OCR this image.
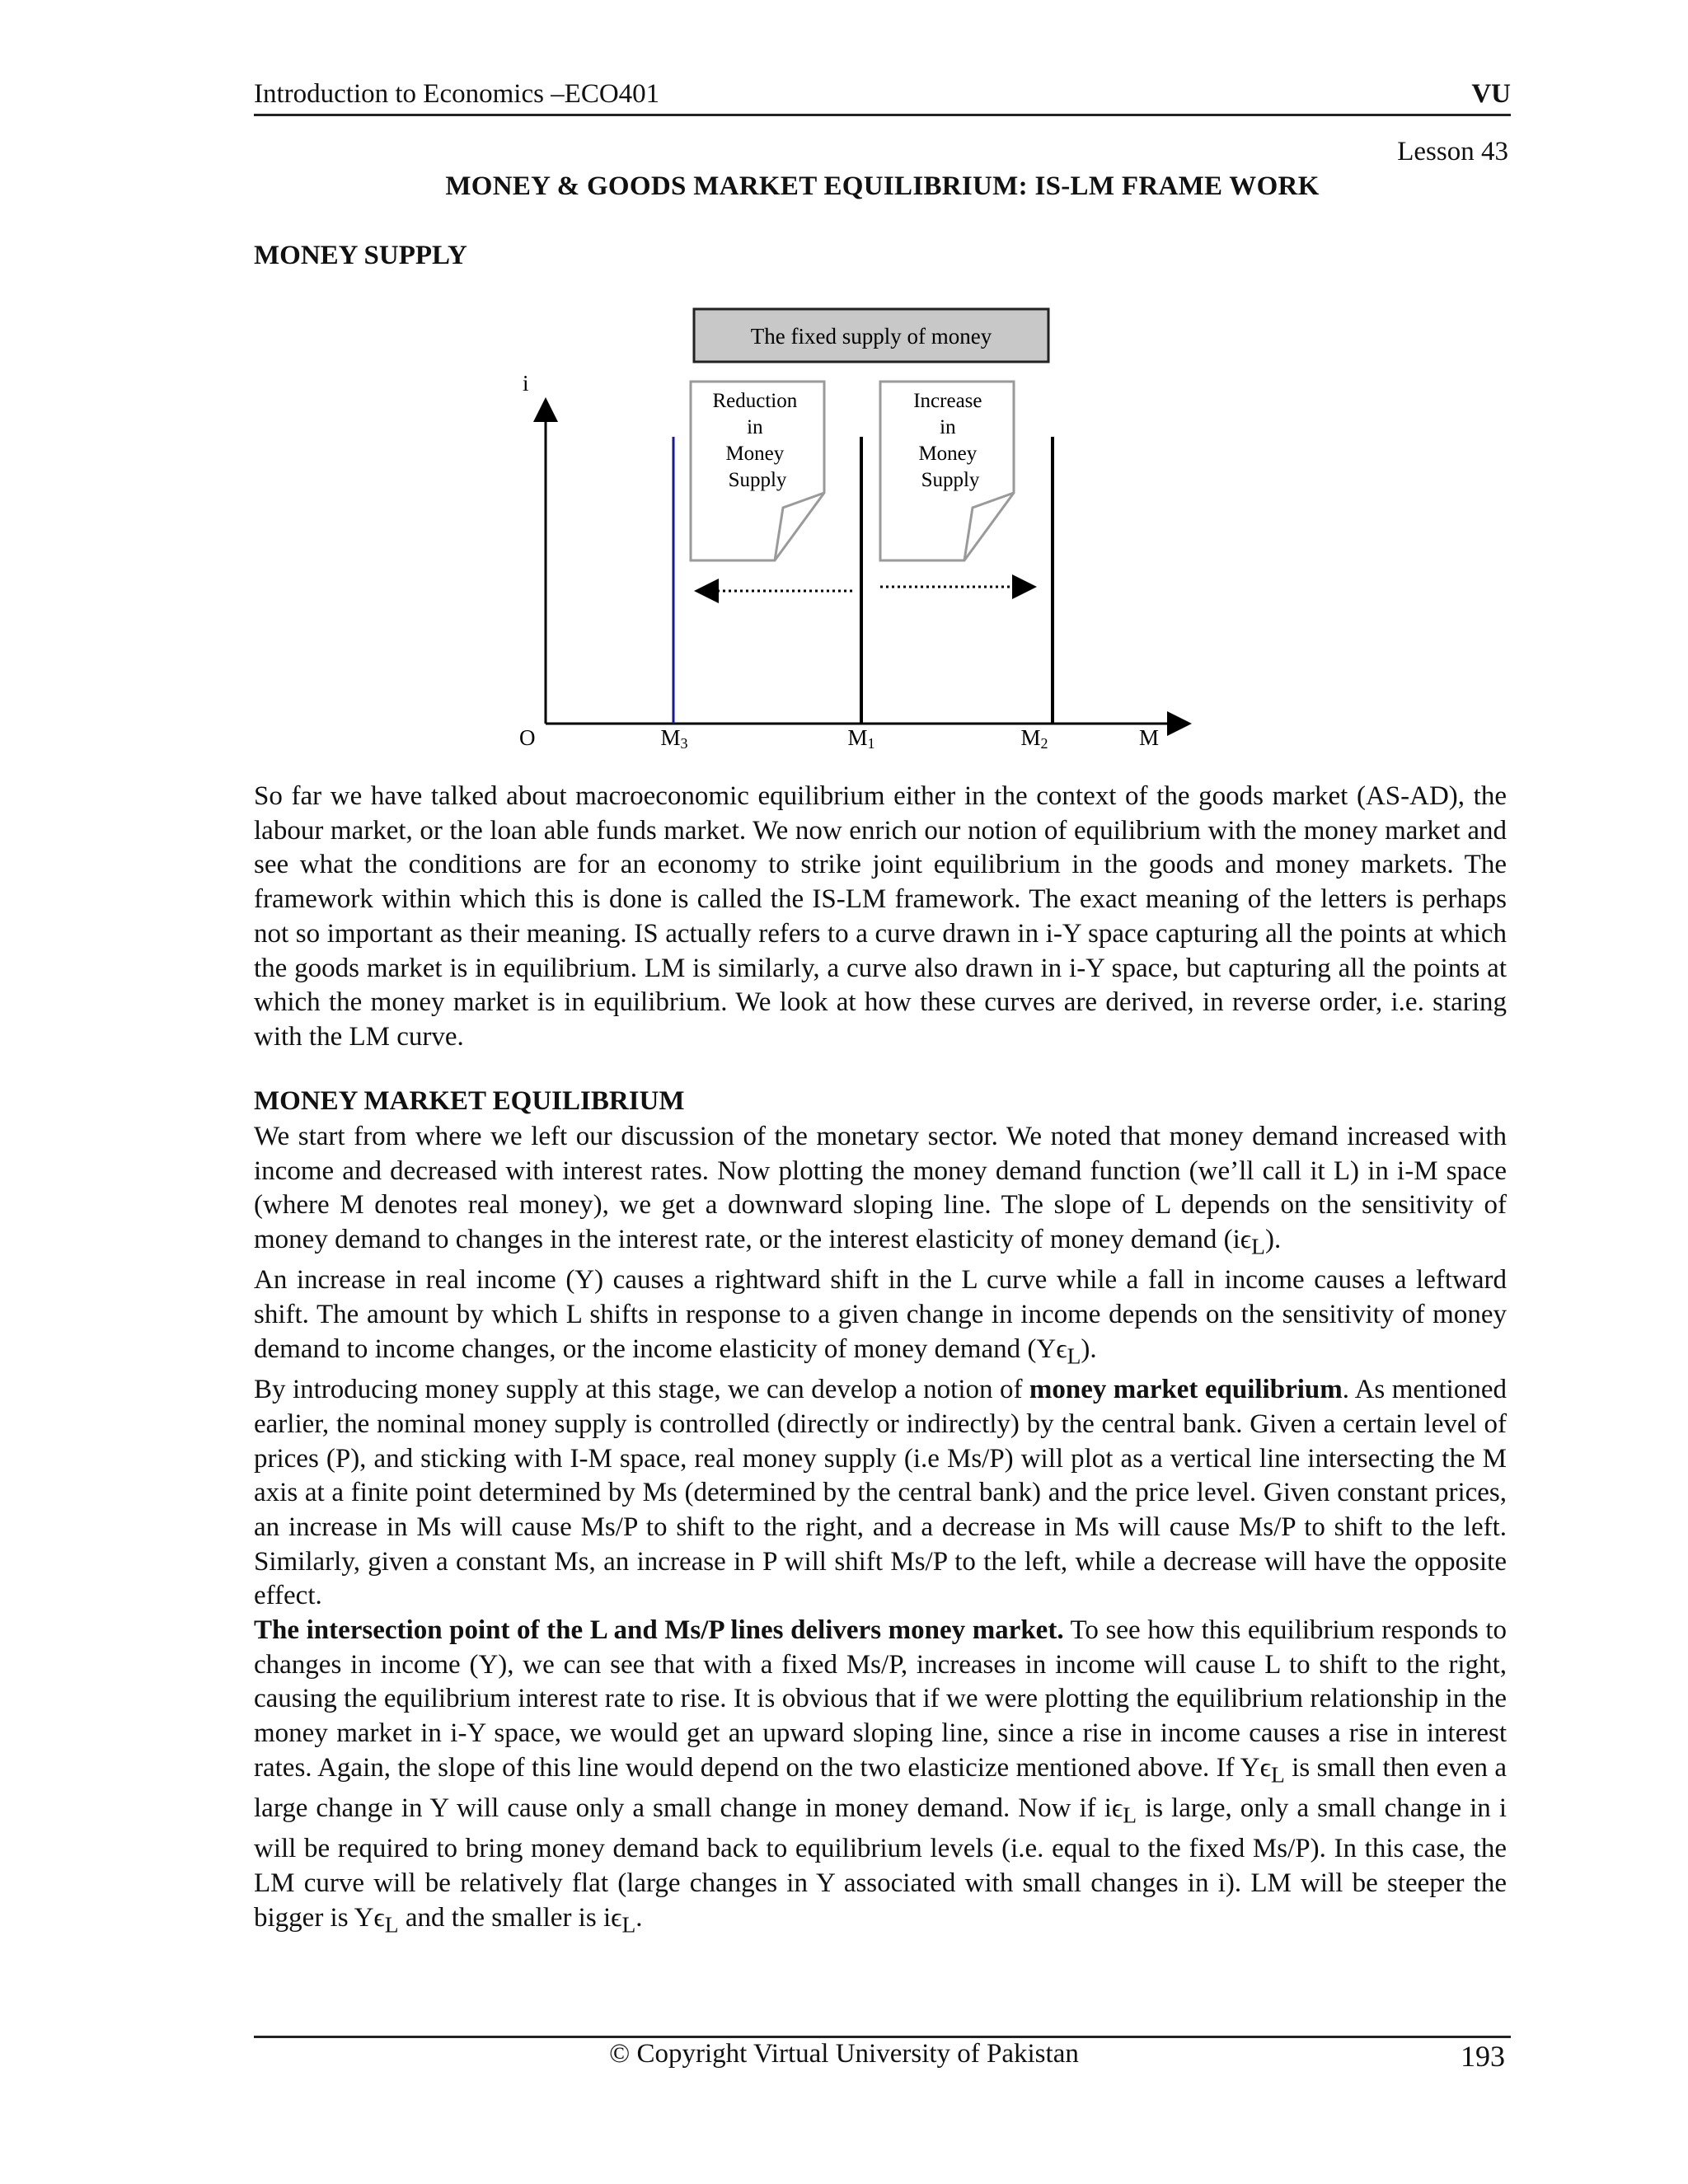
Introduction to Economics –ECO401	VU
Lesson 43
MONEY & GOODS MARKET EQUILIBRIUM: IS-LM FRAME WORK
MONEY SUPPLY
The fixed supply of money
i
O	M
M3	M1	M2
Reduction in Money Supply
Increase in Money Supply
So far we have talked about macroeconomic equilibrium either in the context of the goods market (AS-AD), the labour market, or the loan able funds market. We now enrich our notion of equilibrium with the money market and see what the conditions are for an economy to strike joint equilibrium in the goods and money markets. The framework within which this is done is called the IS-LM framework. The exact meaning of the letters is perhaps not so important as their meaning. IS actually refers to a curve drawn in i-Y space capturing all the points at which the goods market is in equilibrium. LM is similarly, a curve also drawn in i-Y space, but capturing all the points at which the money market is in equilibrium. We look at how these curves are derived, in reverse order, i.e. staring with the LM curve.
MONEY MARKET EQUILIBRIUM

We start from where we left our discussion of the monetary sector. We noted that money demand increased with income and decreased with interest rates. Now plotting the money demand function (we’ll call it L) in i-M space (where M denotes real money), we get a downward sloping line. The slope of L depends on the sensitivity of money demand to changes in the interest rate, or the interest elasticity of money demand $(i\epsilon_L)$.

An increase in real income (Y) causes a rightward shift in the L curve while a fall in income causes a leftward shift. The amount by which L shifts in response to a given change in income depends on the sensitivity of money demand to income changes, or the income elasticity of money demand $(Y\epsilon_L)$.

By introducing money supply at this stage, we can develop a notion of money market equilibrium. As mentioned earlier, the nominal money supply is controlled (directly or indirectly) by the central bank. Given a certain level of prices (P), and sticking with I-M space, real money supply (i.e Ms/P) will plot as a vertical line intersecting the M axis at a finite point determined by Ms (determined by the central bank) and the price level. Given constant prices, an increase in Ms will cause Ms/P to shift to the right, and a decrease in Ms will cause Ms/P to shift to the left. Similarly, given a constant Ms, an increase in P will shift Ms/P to the left, while a decrease will have the opposite effect.

The intersection point of the L and Ms/P lines delivers money market. To see how this equilibrium responds to changes in income (Y), we can see that with a fixed Ms/P, increases in income will cause L to shift to the right, causing the equilibrium interest rate to rise. It is obvious that if we were plotting the equilibrium relationship in the money market in i-Y space, we would get an upward sloping line, since a rise in income causes a rise in interest rates. Again, the slope of this line would depend on the two elasticize mentioned above. If $Y\epsilon_L$ is small then even a large change in Y will cause only a small change in money demand. Now if $i\epsilon_L$ is large, only a small change in i will be required to bring money demand back to equilibrium levels (i.e. equal to the fixed Ms/P). In this case, the LM curve will be relatively flat (large changes in Y associated with small changes in i). LM will be steeper the bigger is $Y\epsilon_L$ and the smaller is $i\epsilon_L$.

© Copyright Virtual University of Pakistan	193
